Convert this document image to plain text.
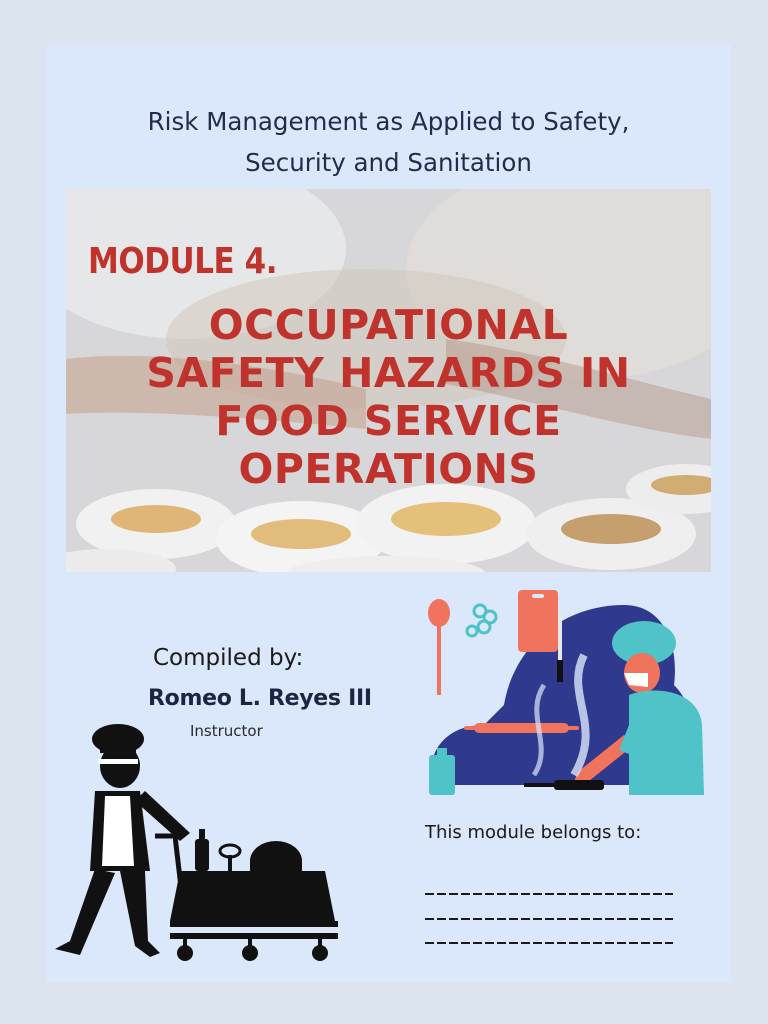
Risk Management as Applied to Safety,
Security and Sanitation
MODULE 4.
OCCUPATIONAL
SAFETY HAZARDS IN
FOOD SERVICE
OPERATIONS
Compiled by:
Romeo L. Reyes III
Instructor
This module belongs to:
